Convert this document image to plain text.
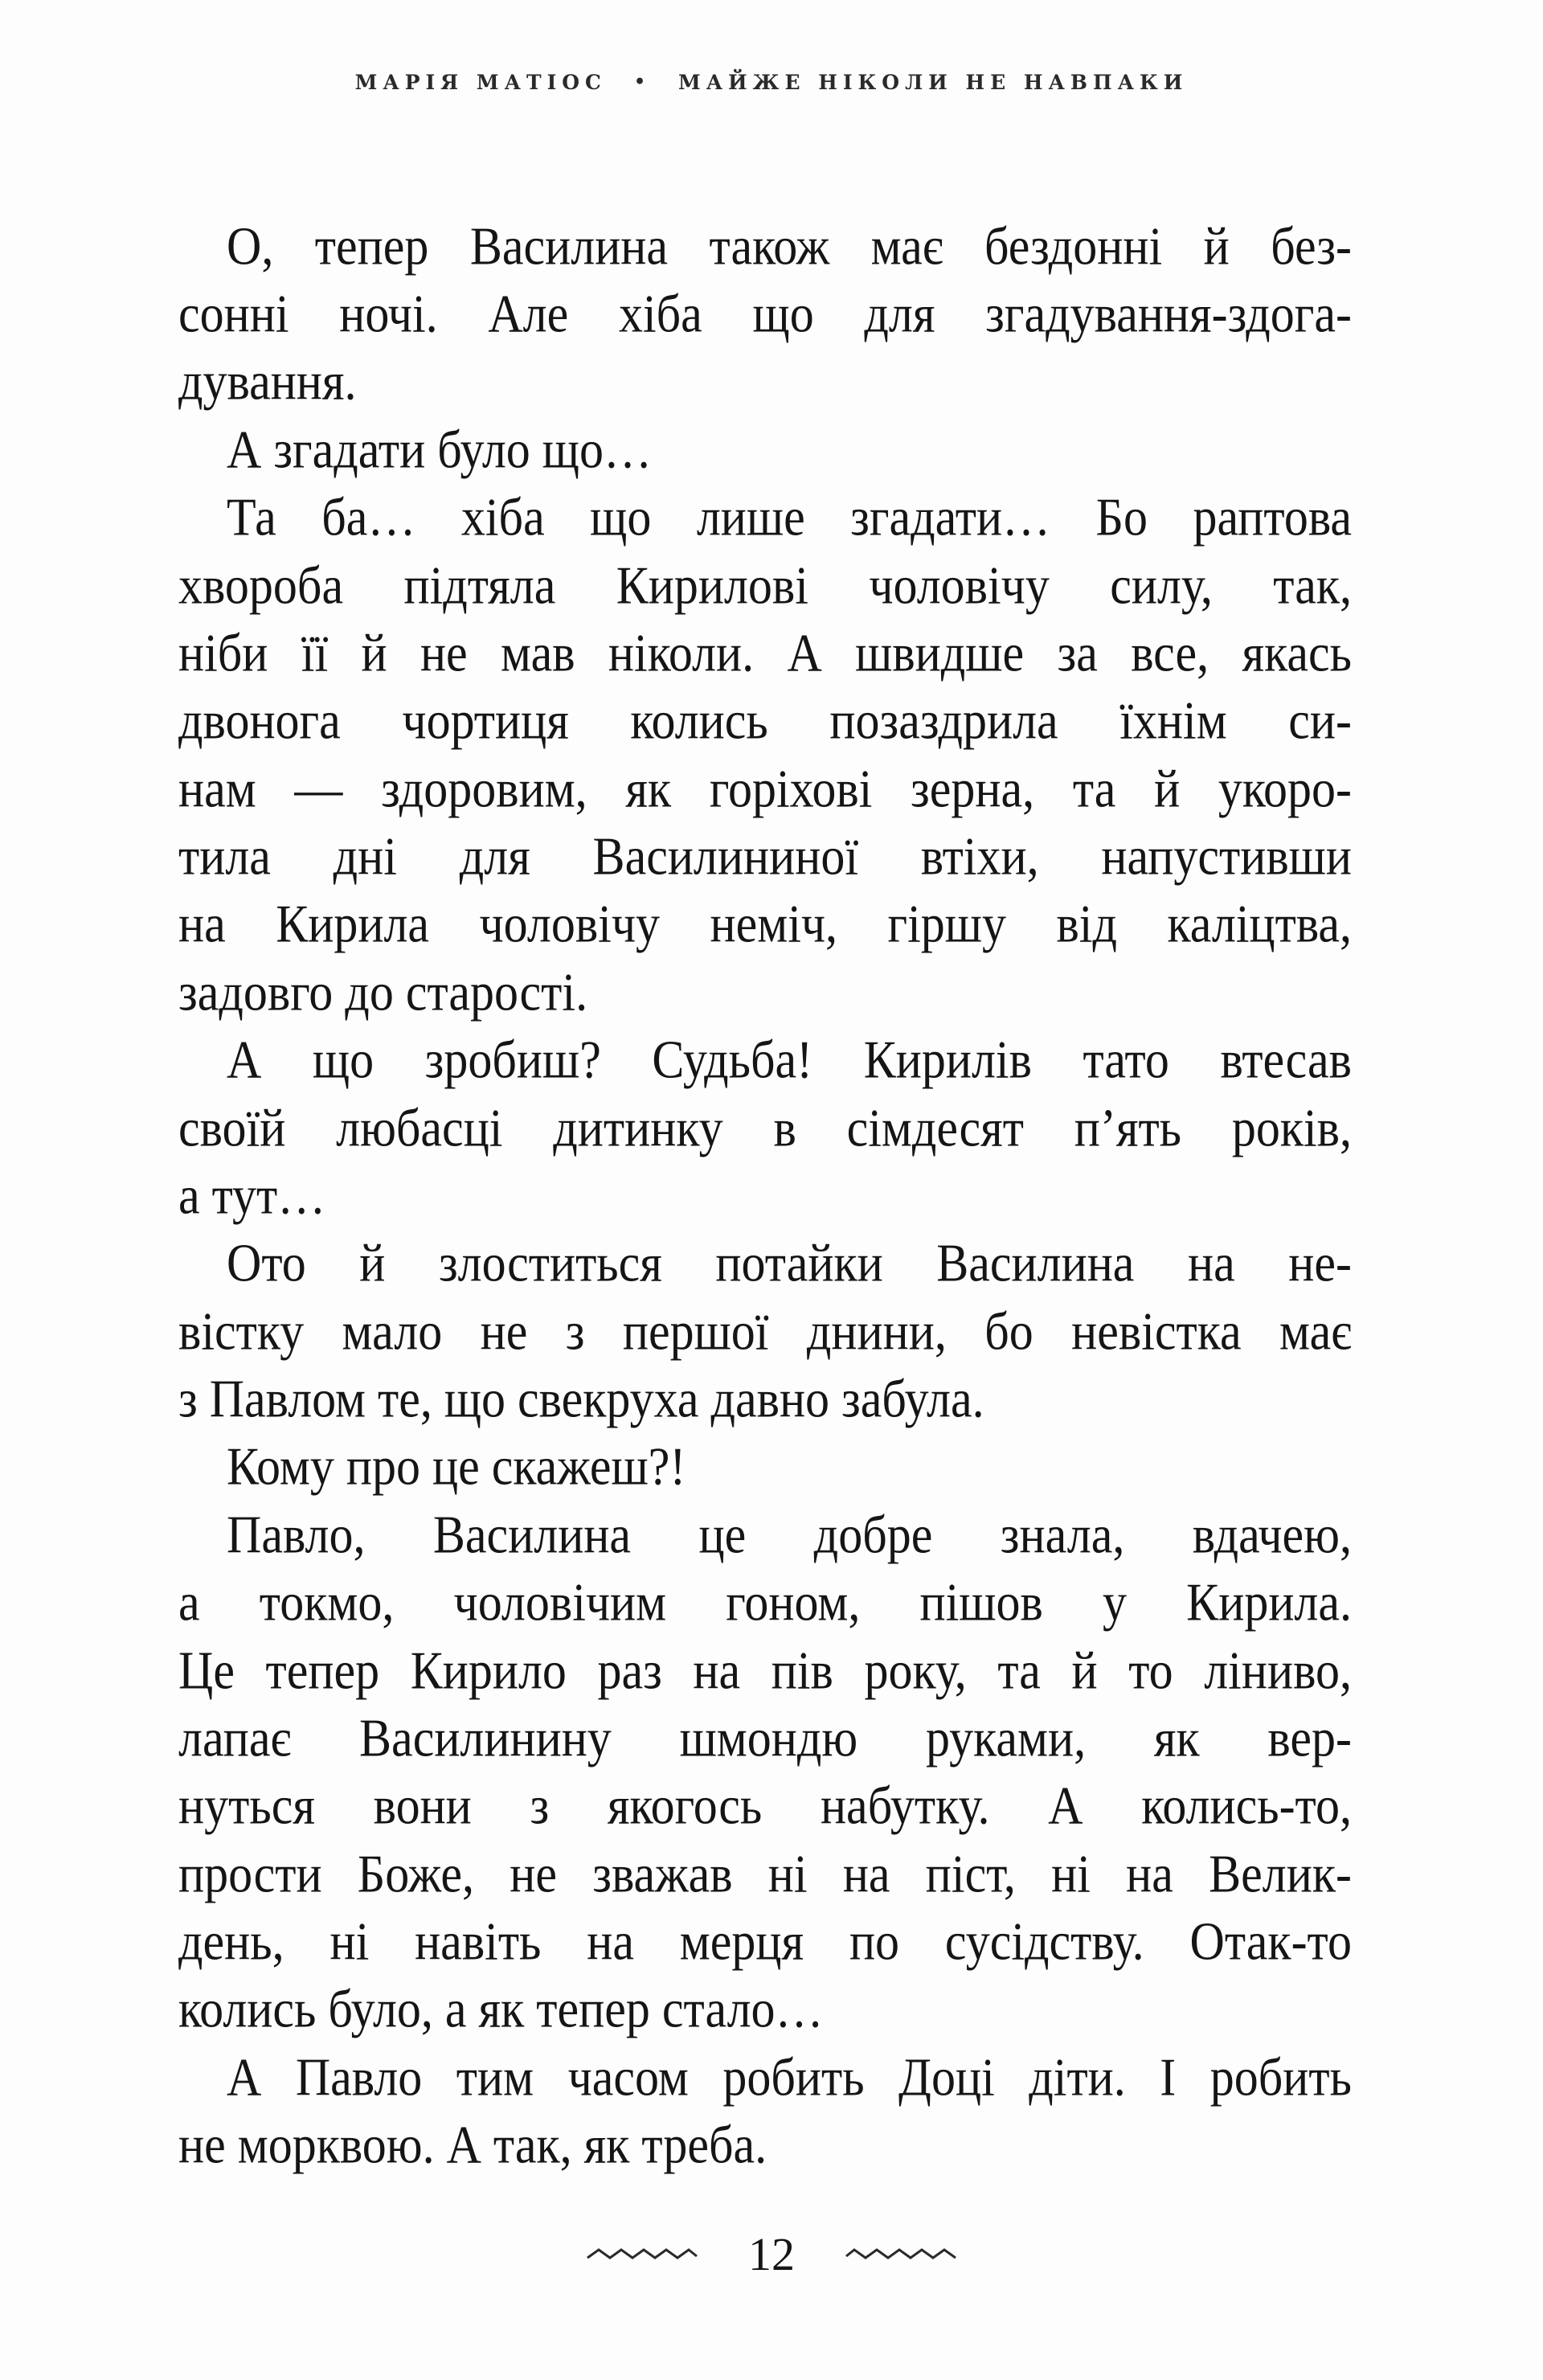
МАРІЯ МАТІОС • МАЙЖЕ НІКОЛИ НЕ НАВПАКИ
О, тепер Василина також має бездонні й без-
сонні ночі. Але хіба що для згадування-здога-
дування.
А згадати було що…
Та ба… хіба що лише згадати… Бо раптова
хвороба підтяла Кирилові чоловічу силу, так,
ніби її й не мав ніколи. А швидше за все, якась
двонога чортиця колись позаздрила їхнім си-
нам — здоровим, як горіхові зерна, та й укоро-
тила дні для Василининої втіхи, напустивши
на Кирила чоловічу неміч, гіршу від каліцтва,
задовго до старості.
А що зробиш? Судьба! Кирилів тато втесав
своїй любасці дитинку в сімдесят п’ять років,
а тут…
Ото й злоститься потайки Василина на не-
вістку мало не з першої днини, бо невістка має
з Павлом те, що свекруха давно забула.
Кому про це скажеш?!
Павло, Василина це добре знала, вдачею,
а токмо, чоловічим гоном, пішов у Кирила.
Це тепер Кирило раз на пів року, та й то ліниво,
лапає Василинину шмондю руками, як вер-
нуться вони з якогось набутку. А колись-то,
прости Боже, не зважав ні на піст, ні на Велик-
день, ні навіть на мерця по сусідству. Отак-то
колись було, а як тепер стало…
А Павло тим часом робить Доці діти. І робить
не морквою. А так, як треба.
12
